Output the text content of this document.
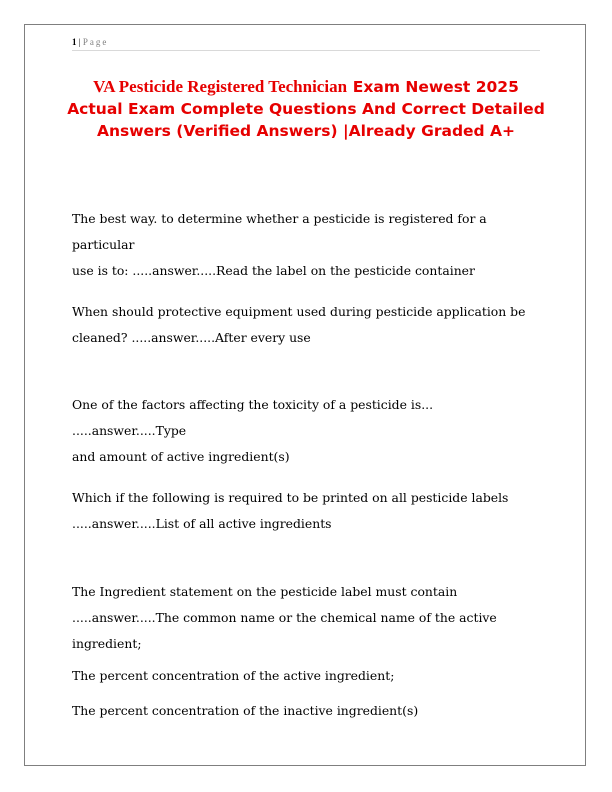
1 | Page
VA Pesticide Registered Technician Exam Newest 2025 Actual Exam Complete Questions And Correct Detailed Answers (Verified Answers) |Already Graded A+
The best way. to determine whether a pesticide is registered for a particular
use is to: .....answer.....Read the label on the pesticide container
When should protective equipment used during pesticide application be
cleaned? .....answer.....After every use
One of the factors affecting the toxicity of a pesticide is... .....answer.....Type
and amount of active ingredient(s)
Which if the following is required to be printed on all pesticide labels
.....answer.....List of all active ingredients
The Ingredient statement on the pesticide label must contain
.....answer.....The common name or the chemical name of the active
ingredient;
The percent concentration of the active ingredient;
The percent concentration of the inactive ingredient(s)
